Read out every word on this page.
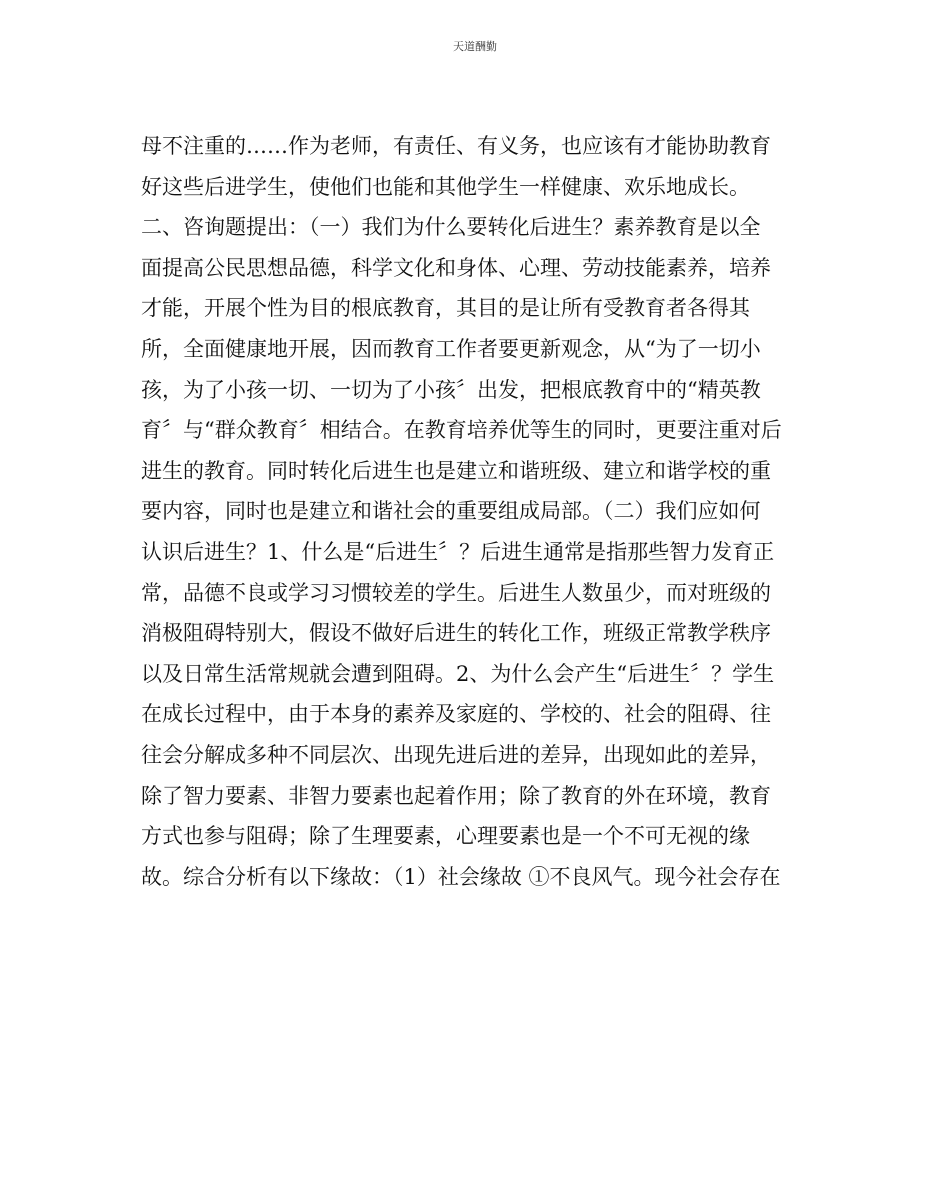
天道酬勤
母不注重的……作为老师，有责任、有义务，也应该有才能协助教育
好这些后进学生，使他们也能和其他学生一样健康、欢乐地成长。
二、咨询题提出：（一）我们为什么要转化后进生？素养教育是以全
面提高公民思想品德，科学文化和身体、心理、劳动技能素养，培养
才能，开展个性为目的根底教育，其目的是让所有受教育者各得其
所，全面健康地开展，因而教育工作者要更新观念，从“为了一切小
孩，为了小孩一切、一切为了小孩〞出发，把根底教育中的“精英教
育〞与“群众教育〞相结合。在教育培养优等生的同时，更要注重对后
进生的教育。同时转化后进生也是建立和谐班级、建立和谐学校的重
要内容，同时也是建立和谐社会的重要组成局部。（二）我们应如何
认识后进生？1、什么是“后进生〞？后进生通常是指那些智力发育正
常，品德不良或学习习惯较差的学生。后进生人数虽少，而对班级的
消极阻碍特别大，假设不做好后进生的转化工作，班级正常教学秩序
以及日常生活常规就会遭到阻碍。2、为什么会产生“后进生〞？学生
在成长过程中，由于本身的素养及家庭的、学校的、社会的阻碍、往
往会分解成多种不同层次、出现先进后进的差异，出现如此的差异，
除了智力要素、非智力要素也起着作用；除了教育的外在环境，教育
方式也参与阻碍；除了生理要素，心理要素也是一个不可无视的缘
故。综合分析有以下缘故：（1）社会缘故 ①不良风气。现今社会存在
